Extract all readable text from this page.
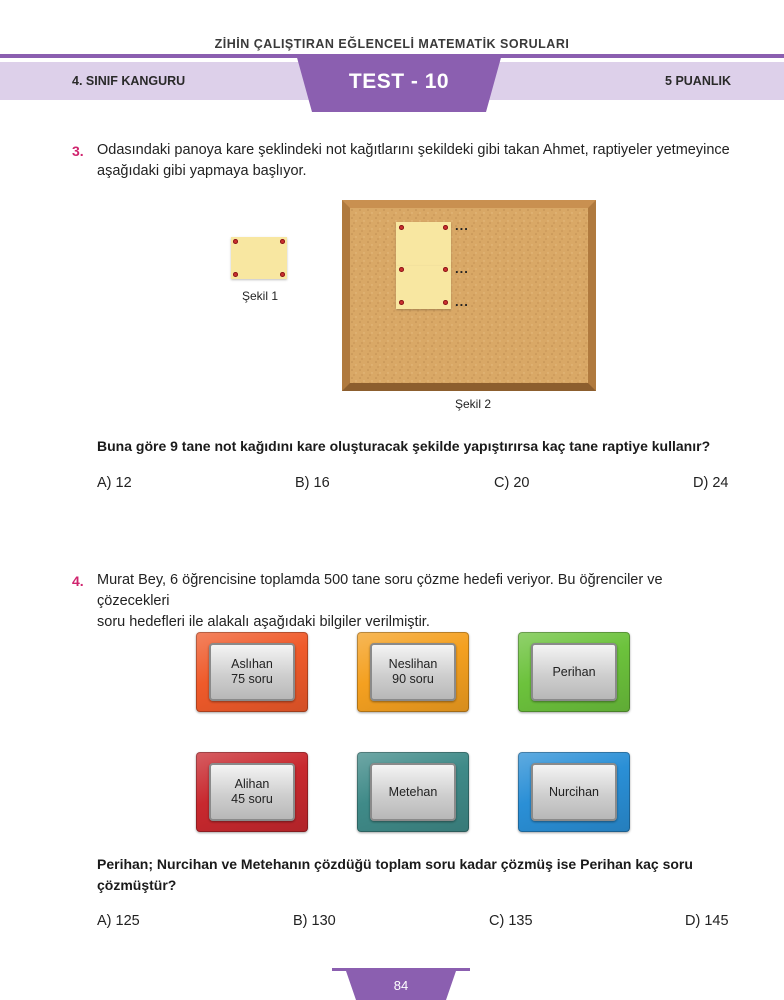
ZİHİN ÇALIŞTIRAN EĞLENCELİ MATEMATİK SORULARI
4. SINIF KANGURU	5 PUANLIK
TEST - 10
3. Odasındaki panoya kare şeklindeki not kağıtlarını şekildeki gibi takan Ahmet, raptiyeler yetmeyince
aşağıdaki gibi yapmaya başlıyor.
Şekil 1
...
...
...
Şekil 2
Buna göre 9 tane not kağıdını kare oluşturacak şekilde yapıştırırsa kaç tane raptiye kullanır?
A) 12	B) 16	C) 20	D) 24
4. Murat Bey, 6 öğrencisine toplamda 500 tane soru çözme hedefi veriyor. Bu öğrenciler ve çözecekleri
soru hedefleri ile alakalı aşağıdaki bilgiler verilmiştir.
Aslıhan
75 soru
Neslihan
90 soru
Perihan
Alihan
45 soru
Metehan	Nurcihan
Perihan; Nurcihan ve Metehanın çözdüğü toplam soru kadar çözmüş ise Perihan kaç soru
çözmüştür?
A) 125	B) 130	C) 135	D) 145
84
